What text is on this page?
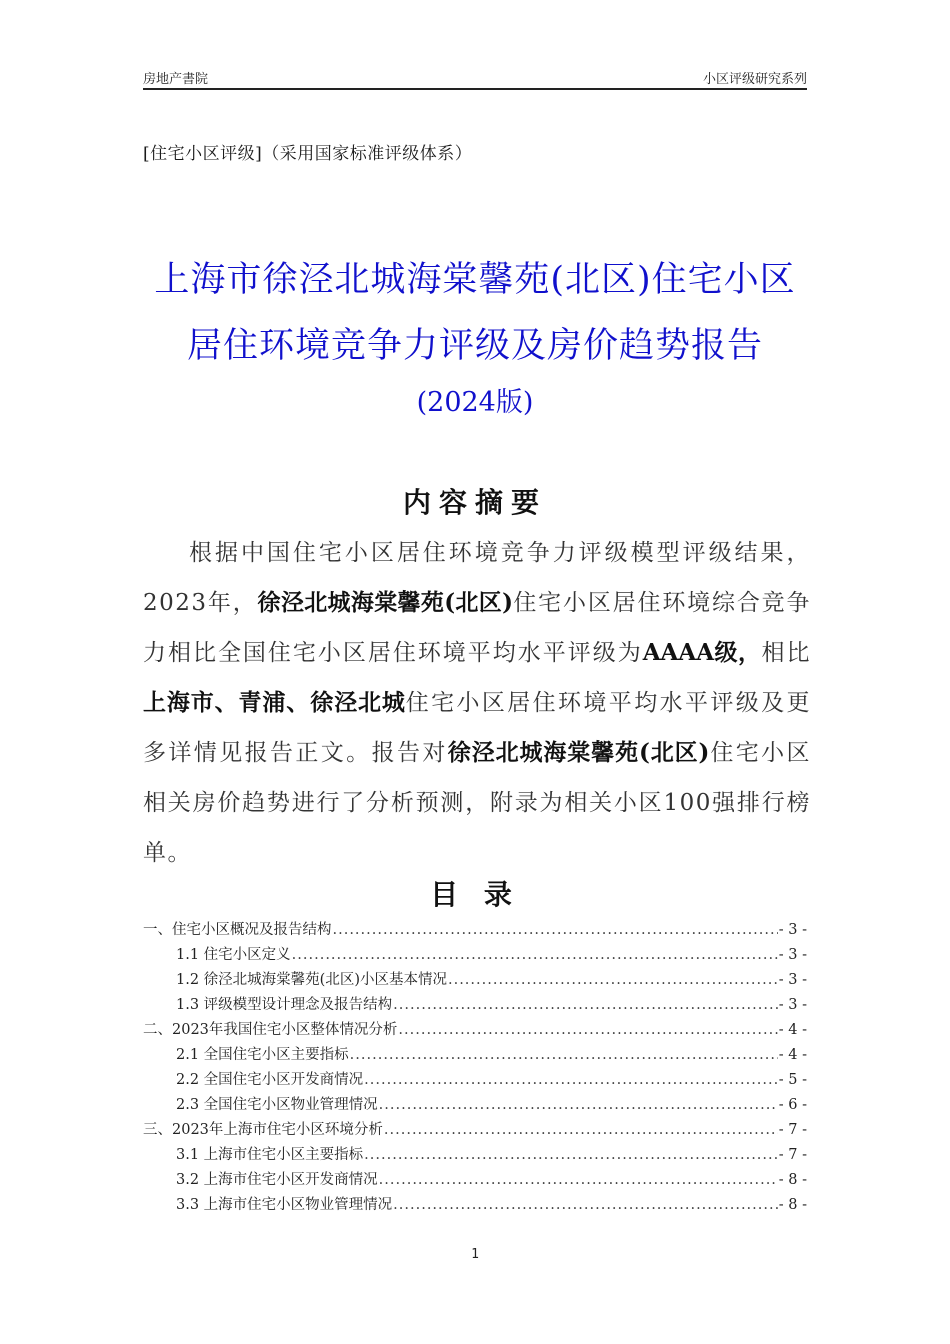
房地产書院	小区评级研究系列
[住宅小区评级]（采用国家标准评级体系）
上海市徐泾北城海棠馨苑(北区)住宅小区
居住环境竞争力评级及房价趋势报告
(2024版)
内容摘要

根据中国住宅小区居住环境竞争力评级模型评级结果，2023年，徐泾北城海棠馨苑(北区)住宅小区居住环境综合竞争力相比全国住宅小区居住环境平均水平评级为AAAA级，相比上海市、青浦、徐泾北城住宅小区居住环境平均水平评级及更多详情见报告正文。报告对徐泾北城海棠馨苑(北区)住宅小区相关房价趋势进行了分析预测，附录为相关小区100强排行榜单。

目 录
一、住宅小区概况及报告结构 .....	- 3 -
1.1 住宅小区定义 .....	- 3 -
1.2 徐泾北城海棠馨苑(北区)小区基本情况 .....	- 3 -
1.3 评级模型设计理念及报告结构 .....	- 3 -
二、2023年我国住宅小区整体情况分析 .....	- 4 -
2.1 全国住宅小区主要指标 .....	- 4 -
2.2 全国住宅小区开发商情况 .....	- 5 -
2.3 全国住宅小区物业管理情况 .....	- 6 -
三、2023年上海市住宅小区环境分析 .....	- 7 -
3.1 上海市住宅小区主要指标 .....	- 7 -
3.2 上海市住宅小区开发商情况 .....	- 8 -
3.3 上海市住宅小区物业管理情况 .....	- 8 -
1
